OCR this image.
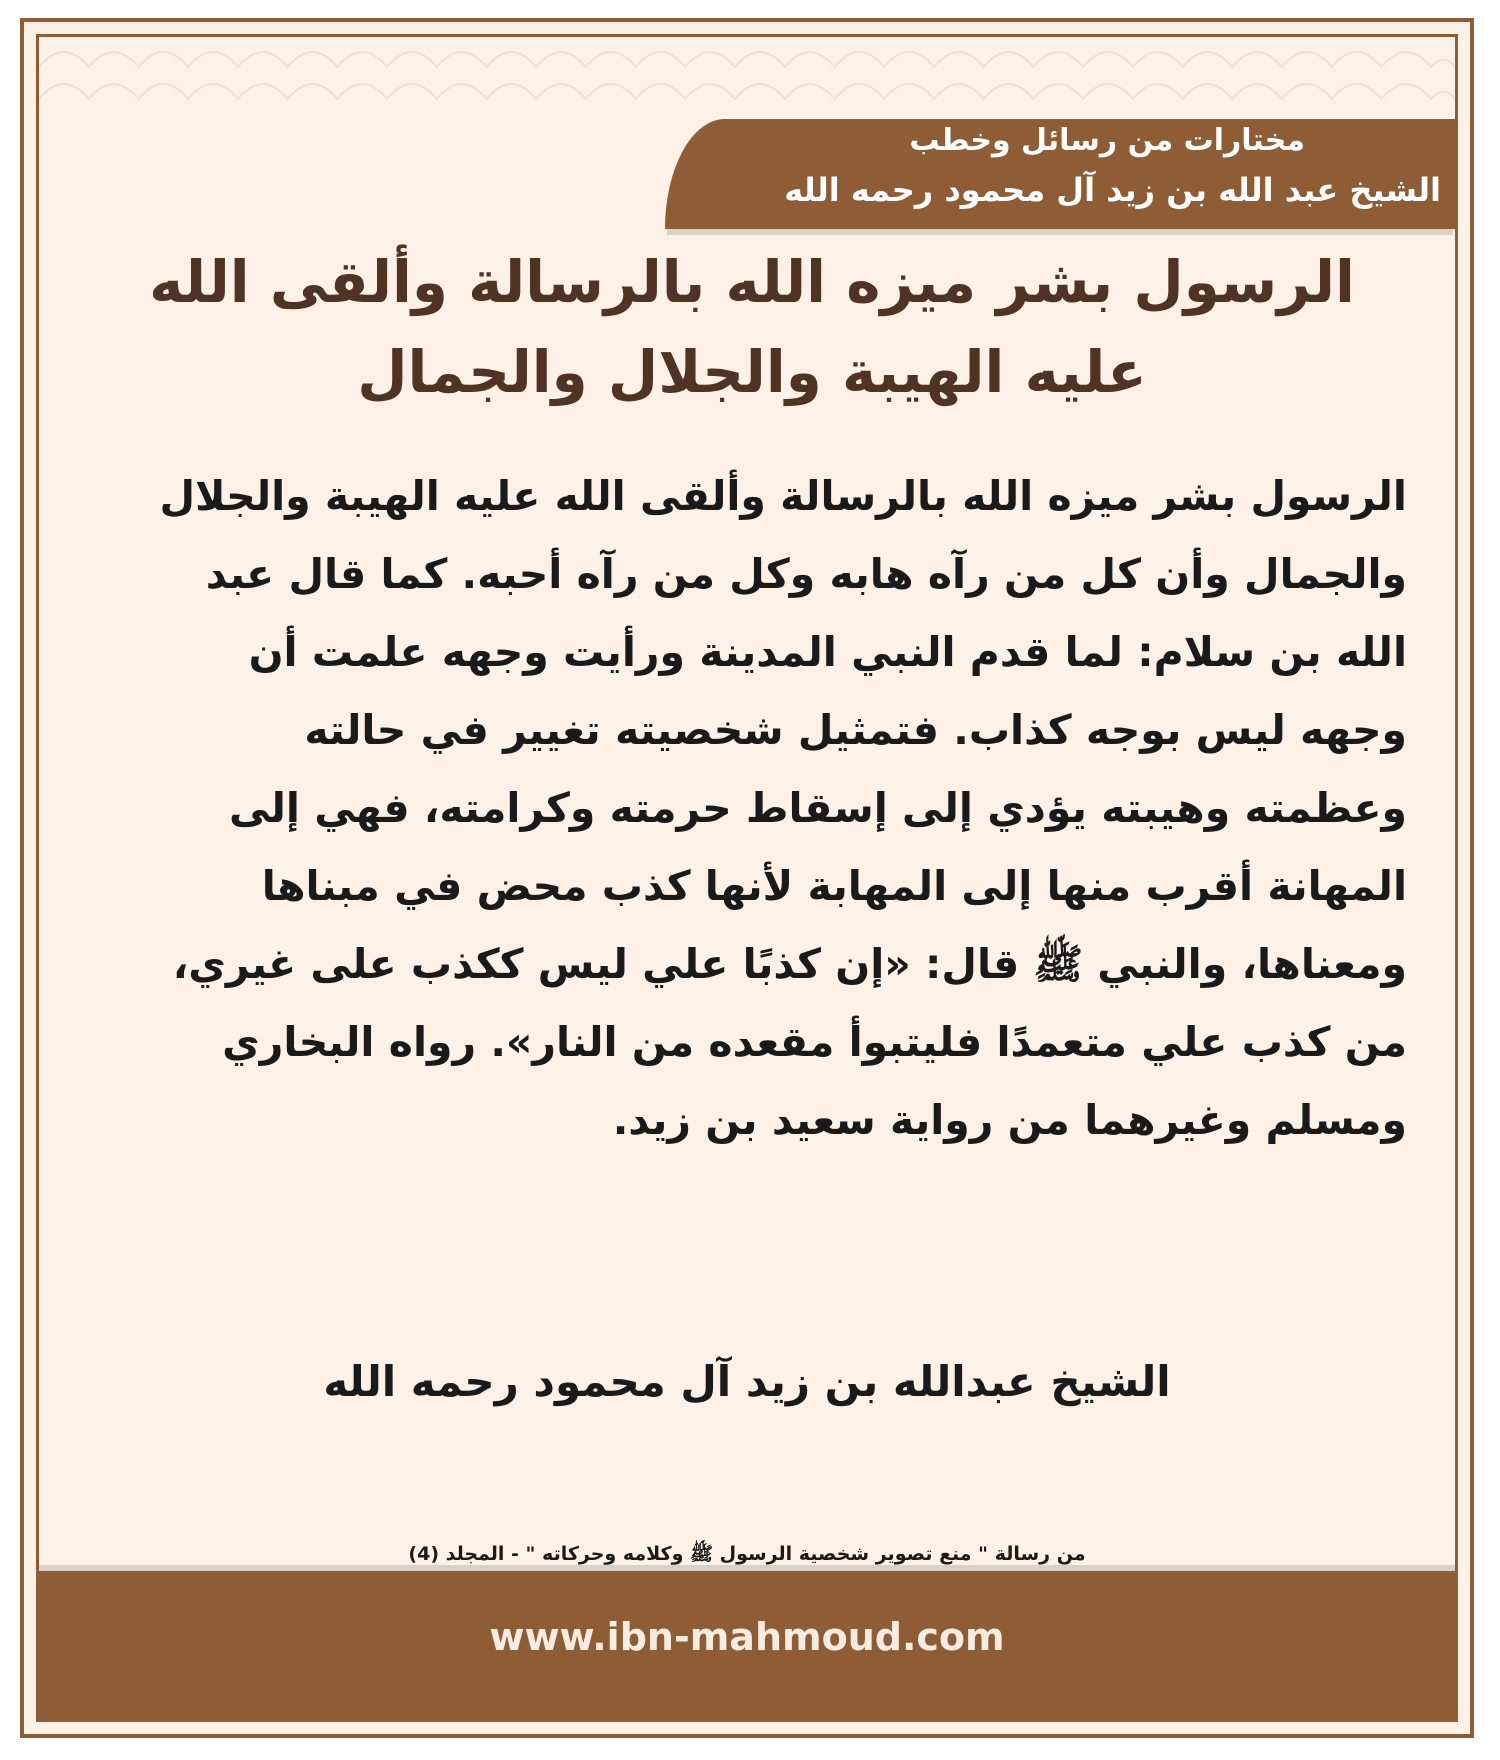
مختارات من رسائل وخطب
الشيخ عبد الله بن زيد آل محمود رحمه الله
الرسول بشر ميزه الله بالرسالة وألقى الله عليه الهيبة والجلال والجمال
الرسول بشر ميزه الله بالرسالة وألقى الله عليه الهيبة والجلال والجمال وأن كل من رآه هابه وكل من رآه أحبه. كما قال عبد الله بن سلام: لما قدم النبي المدينة ورأيت وجهه علمت أن وجهه ليس بوجه كذاب. فتمثيل شخصيته تغيير في حالته وعظمته وهيبته يؤدي إلى إسقاط حرمته وكرامته، فهي إلى المهانة أقرب منها إلى المهابة لأنها كذب محض في مبناها ومعناها، والنبي ﷺ قال: «إن كذبًا علي ليس ككذب على غيري، من كذب علي متعمدًا فليتبوأ مقعده من النار». رواه البخاري ومسلم وغيرهما من رواية سعيد بن زيد.
الشيخ عبدالله بن زيد آل محمود رحمه الله
من رسالة " منع تصوير شخصية الرسول ﷺ وكلامه وحركاته " - المجلد (4)
www.ibn-mahmoud.com
